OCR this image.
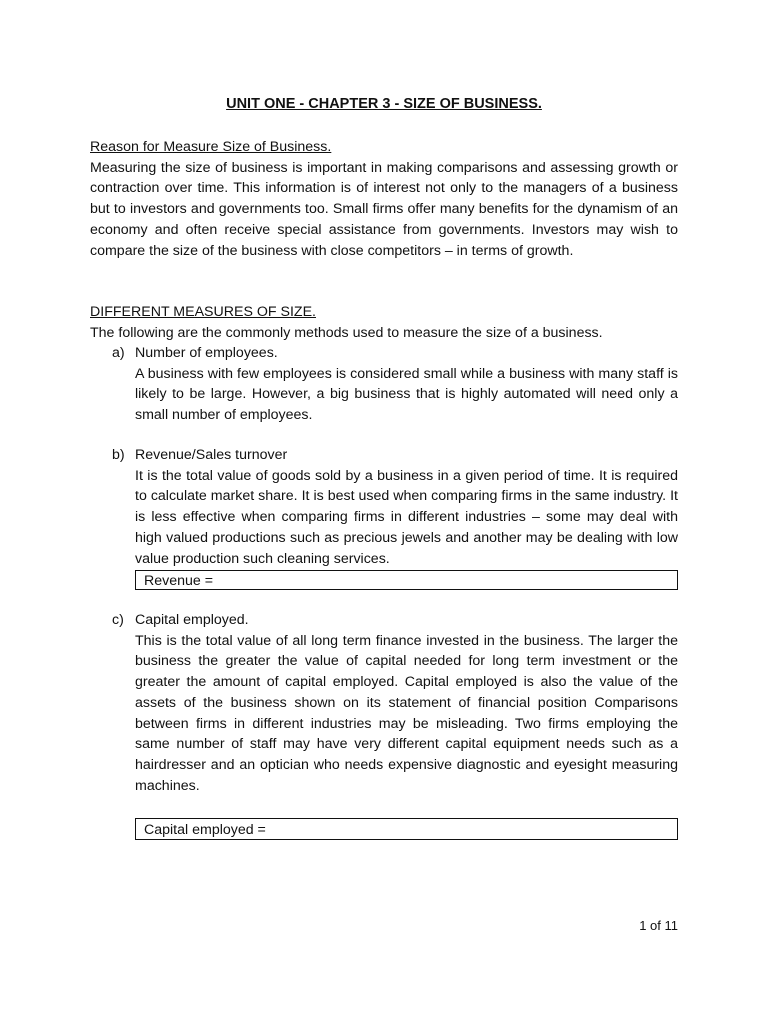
UNIT ONE - CHAPTER 3 - SIZE OF BUSINESS.
Reason for Measure Size of Business.
Measuring the size of business is important in making comparisons and assessing growth or contraction over time. This information is of interest not only to the managers of a business but to investors and governments too. Small firms offer many benefits for the dynamism of an economy and often receive special assistance from governments. Investors may wish to compare the size of the business with close competitors – in terms of growth.
DIFFERENT MEASURES OF SIZE.
The following are the commonly methods used to measure the size of a business.
a) Number of employees.
A business with few employees is considered small while a business with many staff is likely to be large. However, a big business that is highly automated will need only a small number of employees.
b) Revenue/Sales turnover
It is the total value of goods sold by a business in a given period of time. It is required to calculate market share. It is best used when comparing firms in the same industry. It is less effective when comparing firms in different industries – some may deal with high valued productions such as precious jewels and another may be dealing with low value production such cleaning services.
Revenue =
c) Capital employed.
This is the total value of all long term finance invested in the business. The larger the business the greater the value of capital needed for long term investment or the greater the amount of capital employed. Capital employed is also the value of the assets of the business shown on its statement of financial position Comparisons between firms in different industries may be misleading. Two firms employing the same number of staff may have very different capital equipment needs such as a hairdresser and an optician who needs expensive diagnostic and eyesight measuring machines.
Capital employed =
1 of 11
